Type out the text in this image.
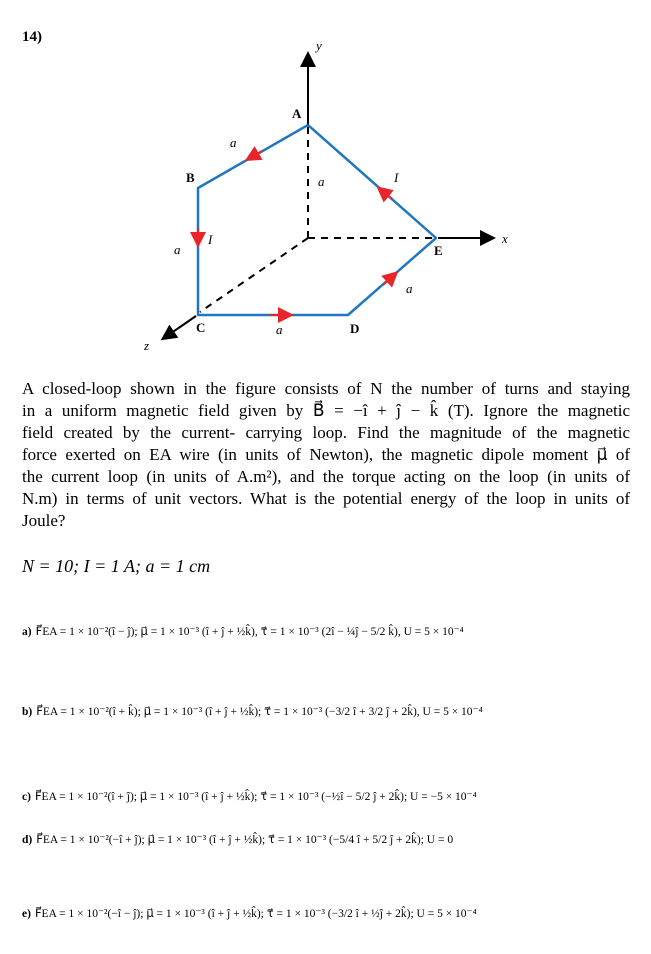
14)
y
x
z
A
B
C	D
E
a
a
I
a
a
a
I
A closed-loop shown in the figure consists of N the number of turns and staying
in a uniform magnetic field given by B⃗ = −î + ĵ − k̂ (T). Ignore the magnetic
field created by the current- carrying loop. Find the magnitude of the magnetic
force exerted on EA wire (in units of Newton), the magnetic dipole moment μ⃗ of
the current loop (in units of A.m²), and the torque acting on the loop (in units of
N.m) in terms of unit vectors. What is the potential energy of the loop in units of
Joule?
N = 10; I = 1 A; a = 1 cm
a) F⃗EA = 1 × 10⁻²(î − ĵ); μ⃗ = 1 × 10⁻³ (î + ĵ + ½k̂), τ⃗ = 1 × 10⁻³ (2î − ¼ĵ − 5/2 k̂), U = 5 × 10⁻⁴
b) F⃗EA = 1 × 10⁻²(î + k̂); μ⃗ = 1 × 10⁻³ (î + ĵ + ½k̂); τ⃗ = 1 × 10⁻³ (−3/2 î + 3/2 ĵ + 2k̂), U = 5 × 10⁻⁴
c) F⃗EA = 1 × 10⁻²(î + ĵ); μ⃗ = 1 × 10⁻³ (î + ĵ + ½k̂); τ⃗ = 1 × 10⁻³ (−½î − 5/2 ĵ + 2k̂); U = −5 × 10⁻⁴
d) F⃗EA = 1 × 10⁻²(−î + ĵ); μ⃗ = 1 × 10⁻³ (î + ĵ + ½k̂); τ⃗ = 1 × 10⁻³ (−5/4 î + 5/2 ĵ + 2k̂); U = 0
e) F⃗EA = 1 × 10⁻²(−î − ĵ); μ⃗ = 1 × 10⁻³ (î + ĵ + ½k̂); τ⃗ = 1 × 10⁻³ (−3/2 î + ½ĵ + 2k̂); U = 5 × 10⁻⁴
